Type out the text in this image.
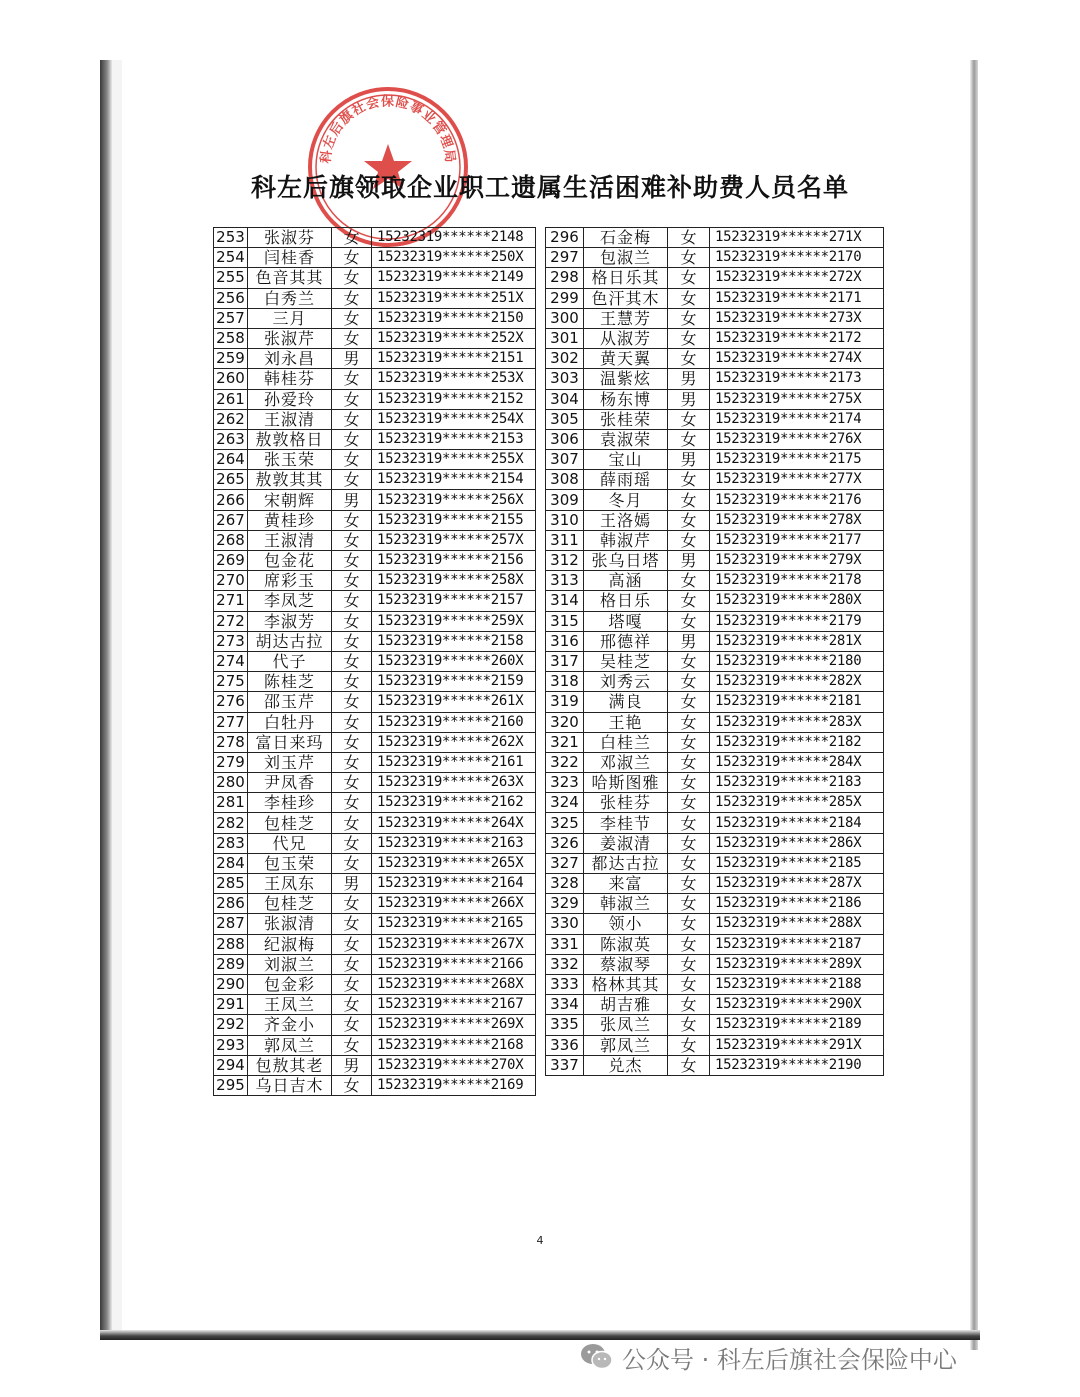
科左后旗社会保险事业管理局
科左后旗领取企业职工遗属生活困难补助费人员名单
253	张淑芬	女	15232319******2148
254	闫桂香	女	15232319******250X
255	色音其其	女	15232319******2149
256	白秀兰	女	15232319******251X
257	三月	女	15232319******2150
258	张淑芹	女	15232319******252X
259	刘永昌	男	15232319******2151
260	韩桂芬	女	15232319******253X
261	孙爱玲	女	15232319******2152
262	王淑清	女	15232319******254X
263	敖敦格日	女	15232319******2153
264	张玉荣	女	15232319******255X
265	敖敦其其	女	15232319******2154
266	宋朝辉	男	15232319******256X
267	黄桂珍	女	15232319******2155
268	王淑清	女	15232319******257X
269	包金花	女	15232319******2156
270	席彩玉	女	15232319******258X
271	李凤芝	女	15232319******2157
272	李淑芳	女	15232319******259X
273	胡达古拉	女	15232319******2158
274	代子	女	15232319******260X
275	陈桂芝	女	15232319******2159
276	邵玉芹	女	15232319******261X
277	白牡丹	女	15232319******2160
278	富日来玛	女	15232319******262X
279	刘玉芹	女	15232319******2161
280	尹凤香	女	15232319******263X
281	李桂珍	女	15232319******2162
282	包桂芝	女	15232319******264X
283	代兄	女	15232319******2163
284	包玉荣	女	15232319******265X
285	王凤东	男	15232319******2164
286	包桂芝	女	15232319******266X
287	张淑清	女	15232319******2165
288	纪淑梅	女	15232319******267X
289	刘淑兰	女	15232319******2166
290	包金彩	女	15232319******268X
291	王凤兰	女	15232319******2167
292	齐金小	女	15232319******269X
293	郭凤兰	女	15232319******2168
294	包敖其老	男	15232319******270X
295	乌日吉木	女	15232319******2169
296	石金梅	女	15232319******271X
297	包淑兰	女	15232319******2170
298	格日乐其	女	15232319******272X
299	色汗其木	女	15232319******2171
300	王慧芳	女	15232319******273X
301	从淑芳	女	15232319******2172
302	黄天翼	女	15232319******274X
303	温紫炫	男	15232319******2173
304	杨东博	男	15232319******275X
305	张桂荣	女	15232319******2174
306	袁淑荣	女	15232319******276X
307	宝山	男	15232319******2175
308	薛雨瑶	女	15232319******277X
309	冬月	女	15232319******2176
310	王洛嫣	女	15232319******278X
311	韩淑芹	女	15232319******2177
312	张乌日塔	男	15232319******279X
313	高涵	女	15232319******2178
314	格日乐	女	15232319******280X
315	塔嘎	女	15232319******2179
316	邢德祥	男	15232319******281X
317	吴桂芝	女	15232319******2180
318	刘秀云	女	15232319******282X
319	满良	女	15232319******2181
320	王艳	女	15232319******283X
321	白桂兰	女	15232319******2182
322	邓淑兰	女	15232319******284X
323	哈斯图雅	女	15232319******2183
324	张桂芬	女	15232319******285X
325	李桂节	女	15232319******2184
326	姜淑清	女	15232319******286X
327	都达古拉	女	15232319******2185
328	来富	女	15232319******287X
329	韩淑兰	女	15232319******2186
330	领小	女	15232319******288X
331	陈淑英	女	15232319******2187
332	蔡淑琴	女	15232319******289X
333	格林其其	女	15232319******2188
334	胡吉雅	女	15232319******290X
335	张凤兰	女	15232319******2189
336	郭凤兰	女	15232319******291X
337	兑杰	女	15232319******2190
4
公众号 · 科左后旗社会保险中心
